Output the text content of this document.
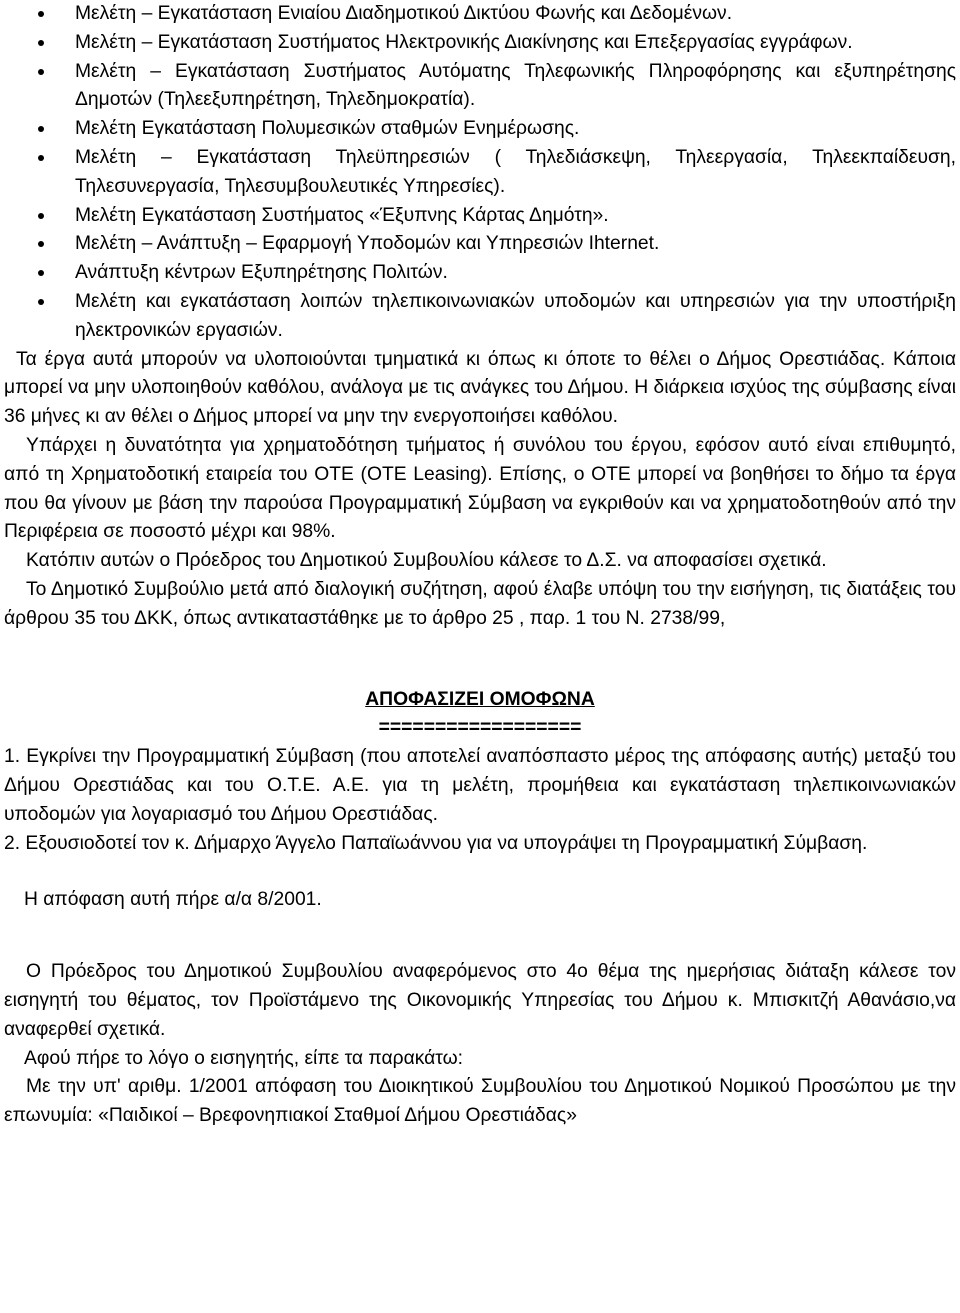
Μελέτη – Εγκατάσταση Ενιαίου Διαδημοτικού Δικτύου Φωνής και Δεδομένων.
Μελέτη – Εγκατάσταση Συστήματος Ηλεκτρονικής Διακίνησης και Επεξεργασίας εγγράφων.
Μελέτη – Εγκατάσταση Συστήματος Αυτόματης Τηλεφωνικής Πληροφόρησης και εξυπηρέτησης Δημοτών (Τηλεεξυπηρέτηση, Τηλεδημοκρατία).
Μελέτη Εγκατάσταση Πολυμεσικών σταθμών Ενημέρωσης.
Μελέτη – Εγκατάσταση Τηλεϋπηρεσιών ( Τηλεδιάσκεψη, Τηλεεργασία, Τηλεεκπαίδευση, Τηλεσυνεργασία, Τηλεσυμβουλευτικές Υπηρεσίες).
Μελέτη Εγκατάσταση Συστήματος «Έξυπνης Κάρτας Δημότη».
Μελέτη – Ανάπτυξη – Εφαρμογή Υποδομών και Υπηρεσιών Ihternet.
Ανάπτυξη κέντρων Εξυπηρέτησης Πολιτών.
Μελέτη και εγκατάσταση λοιπών τηλεπικοινωνιακών υποδομών και υπηρεσιών για την υποστήριξη ηλεκτρονικών εργασιών.

Τα έργα αυτά μπορούν να υλοποιούνται τμηματικά κι όπως κι όποτε το θέλει ο Δήμος Ορεστιάδας. Κάποια μπορεί να μην υλοποιηθούν καθόλου, ανάλογα με τις ανάγκες του Δήμου. Η διάρκεια ισχύος της σύμβασης είναι 36 μήνες κι αν θέλει ο Δήμος μπορεί να μην την ενεργοποιήσει καθόλου.

Υπάρχει η δυνατότητα για χρηματοδότηση τμήματος ή συνόλου του έργου, εφόσον αυτό είναι επιθυμητό, από τη Χρηματοδοτική εταιρεία του ΟΤΕ (ΟΤΕ Leasing). Επίσης, ο ΟΤΕ μπορεί να βοηθήσει το δήμο τα έργα που θα γίνουν με βάση την παρούσα Προγραμματική Σύμβαση να εγκριθούν και να χρηματοδοτηθούν από την Περιφέρεια σε ποσοστό μέχρι και 98%.

Κατόπιν αυτών ο Πρόεδρος του Δημοτικού Συμβουλίου κάλεσε το Δ.Σ. να αποφασίσει σχετικά.

Το Δημοτικό Συμβούλιο μετά από διαλογική συζήτηση, αφού έλαβε υπόψη του την εισήγηση, τις διατάξεις του άρθρου 35 του ΔΚΚ, όπως αντικαταστάθηκε με το άρθρο 25 , παρ. 1 του Ν. 2738/99,

ΑΠΟΦΑΣΙΖΕΙ ΟΜΟΦΩΝΑ

==================

1. Εγκρίνει την Προγραμματική Σύμβαση (που αποτελεί αναπόσπαστο μέρος της απόφασης αυτής) μεταξύ του Δήμου Ορεστιάδας και του Ο.Τ.Ε. Α.Ε. για τη μελέτη, προμήθεια και εγκατάσταση τηλεπικοινωνιακών υποδομών για λογαριασμό του Δήμου Ορεστιάδας.

2. Εξουσιοδοτεί τον κ. Δήμαρχο Άγγελο Παπαϊωάννου για να υπογράψει τη Προγραμματική Σύμβαση.

Η απόφαση αυτή πήρε α/α 8/2001.

Ο Πρόεδρος του Δημοτικού Συμβουλίου αναφερόμενος στο 4ο θέμα της ημερήσιας διάταξη κάλεσε τον εισηγητή του θέματος, τον Προϊστάμενο της Οικονομικής Υπηρεσίας του Δήμου κ. Μπισκιτζή Αθανάσιο,να αναφερθεί σχετικά.

Αφού πήρε το λόγο ο εισηγητής, είπε τα παρακάτω:

Με την υπ' αριθμ. 1/2001 απόφαση του Διοικητικού Συμβουλίου του Δημοτικού Νομικού Προσώπου με την επωνυμία: «Παιδικοί – Βρεφονηπιακοί Σταθμοί Δήμου Ορεστιάδας»
